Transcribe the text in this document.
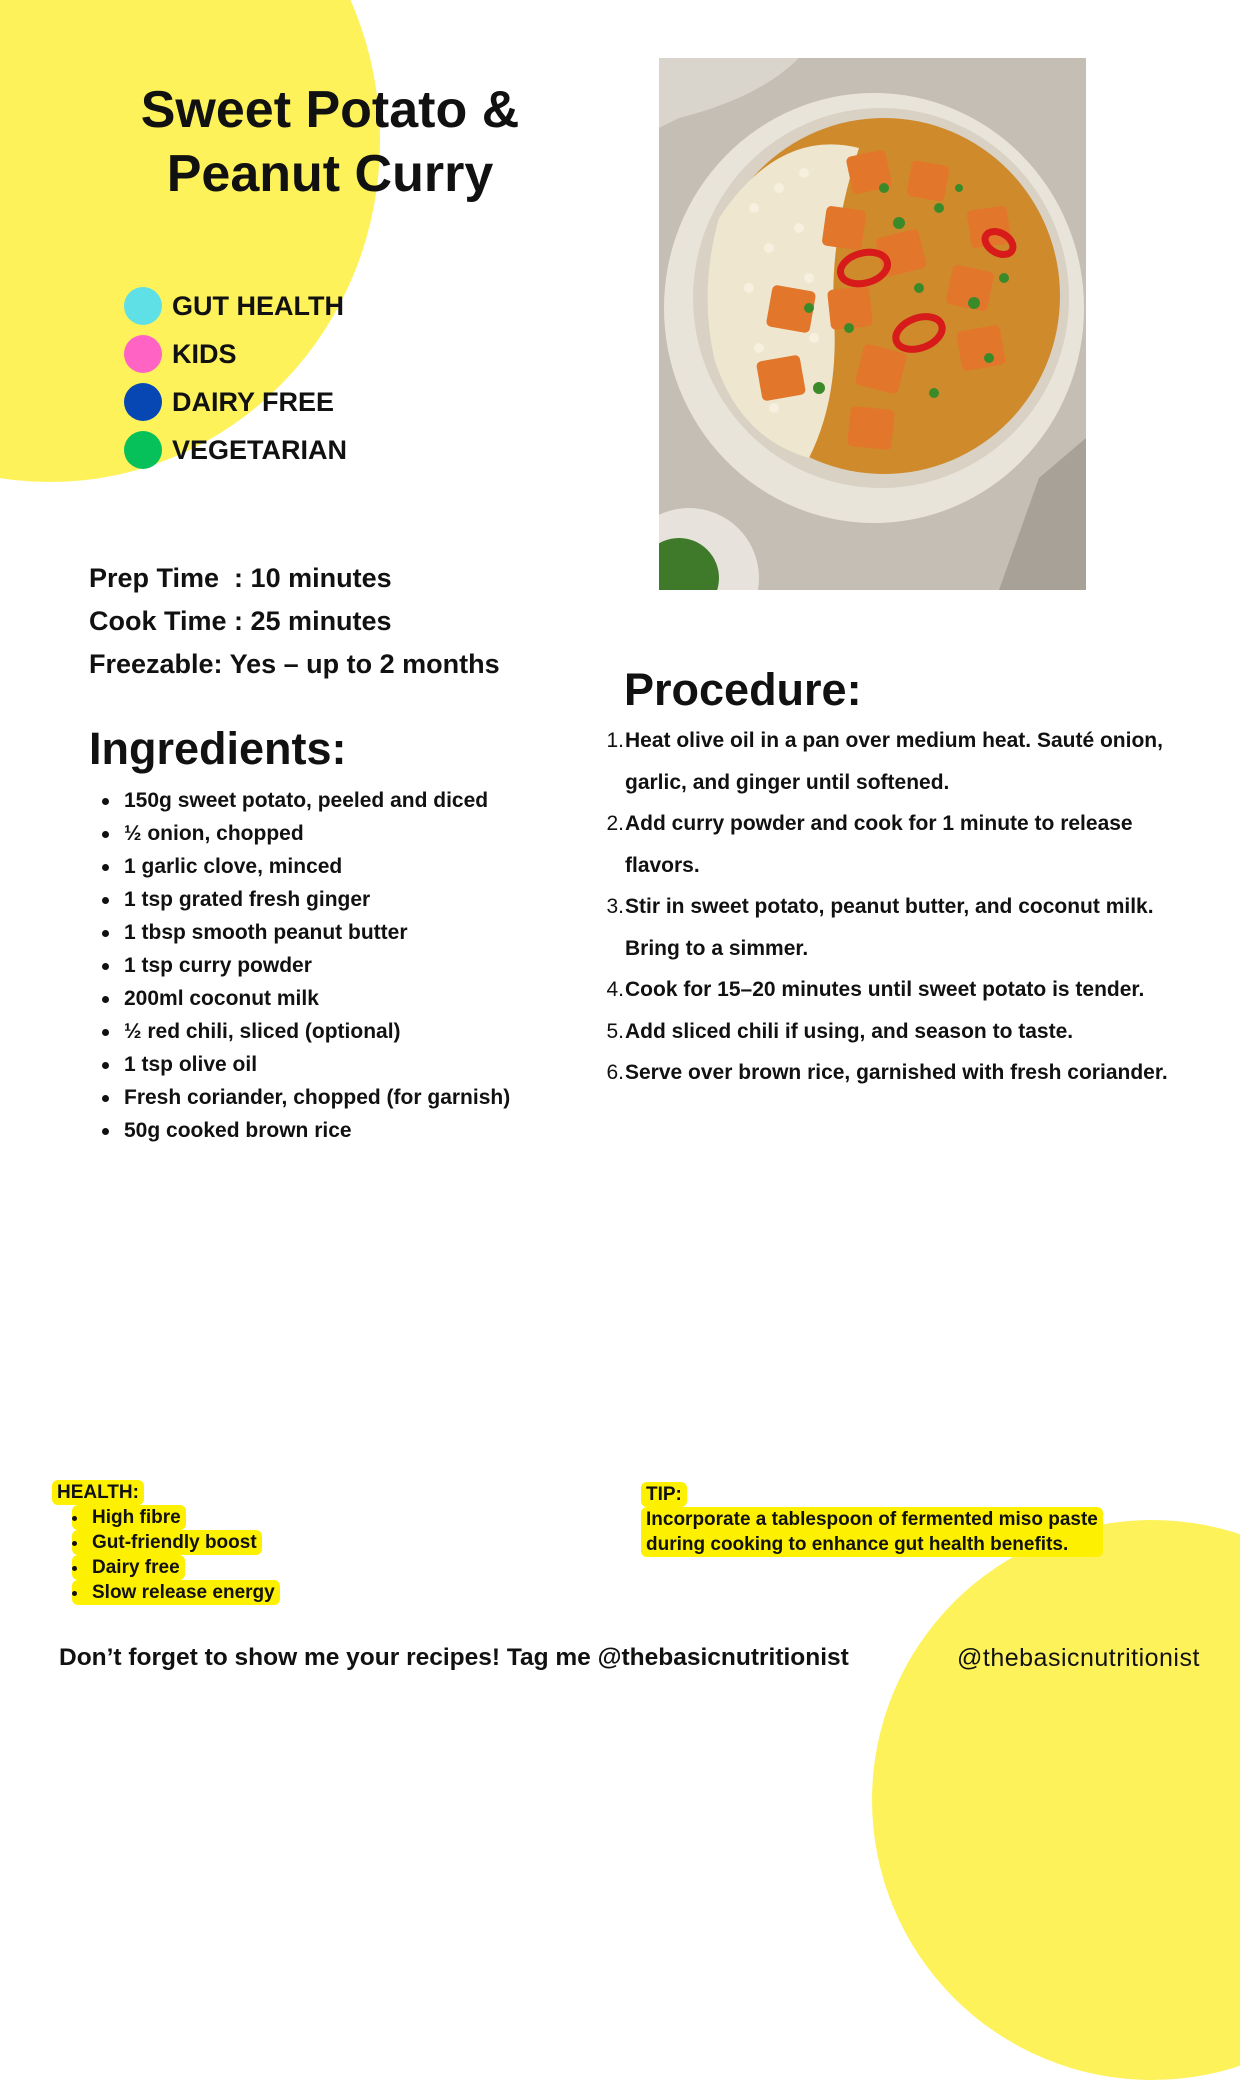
Sweet Potato &
Peanut Curry
GUT HEALTH
KIDS
DAIRY FREE
VEGETARIAN
Prep Time  : 10 minutes
Cook Time : 25 minutes
Freezable: Yes – up to 2 months
Ingredients:
150g sweet potato, peeled and diced
½ onion, chopped
1 garlic clove, minced
1 tsp grated fresh ginger
1 tbsp smooth peanut butter
1 tsp curry powder
200ml coconut milk
½ red chili, sliced (optional)
1 tsp olive oil
Fresh coriander, chopped (for garnish)
50g cooked brown rice
Procedure:
1. Heat olive oil in a pan over medium heat. Sauté onion, garlic, and ginger until softened.
2. Add curry powder and cook for 1 minute to release flavors.
3. Stir in sweet potato, peanut butter, and coconut milk. Bring to a simmer.
4. Cook for 15–20 minutes until sweet potato is tender.
5. Add sliced chili if using, and season to taste.
6. Serve over brown rice, garnished with fresh coriander.
HEALTH:
High fibre
Gut-friendly boost
Dairy free
Slow release energy
TIP:

Incorporate a tablespoon of fermented miso paste
during cooking to enhance gut health benefits.
Don’t forget to show me your recipes! Tag me @thebasicnutritionist	@thebasicnutritionist
